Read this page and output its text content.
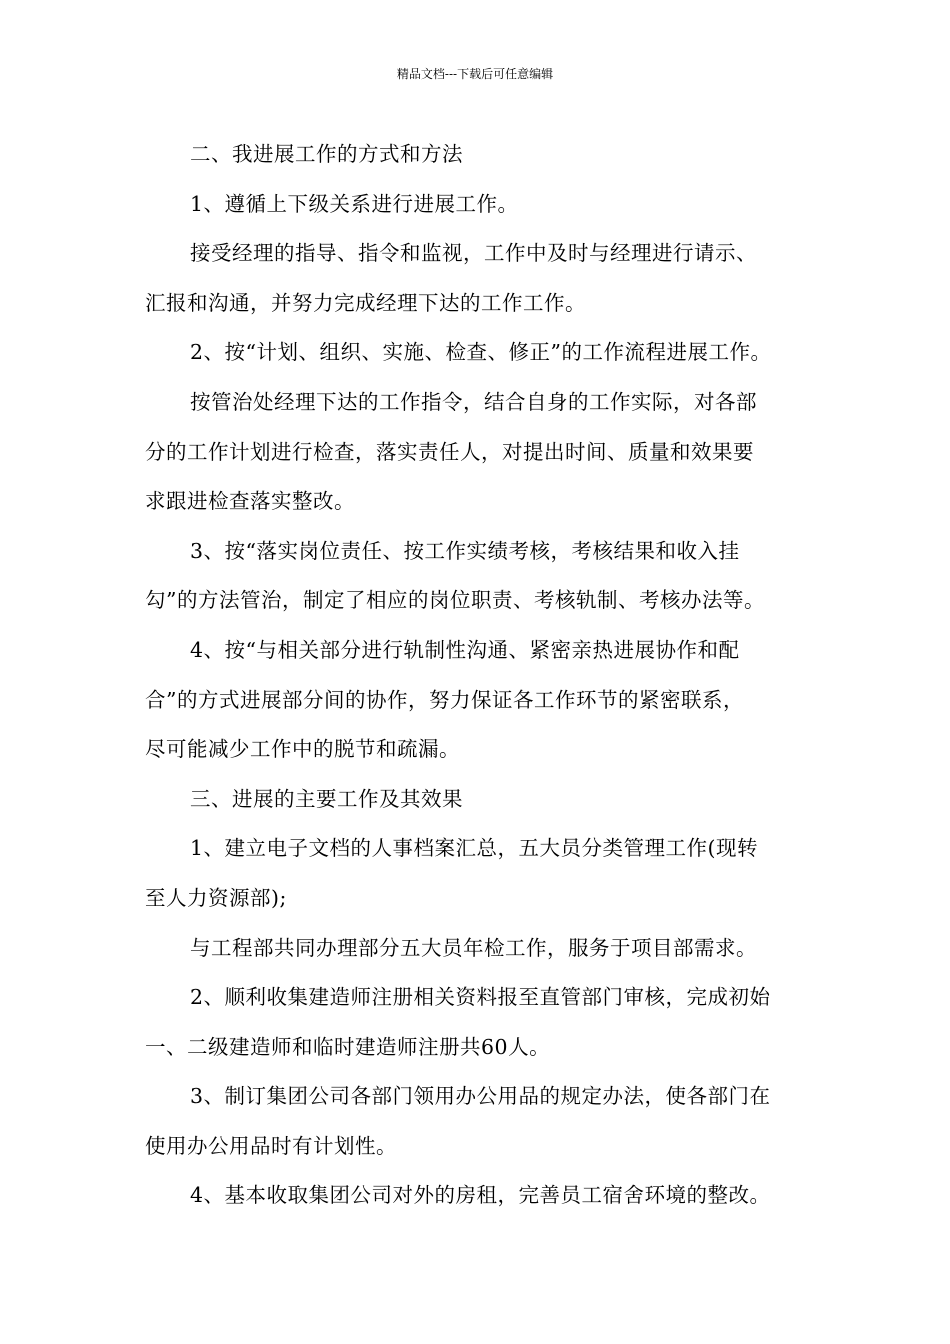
精品文档---下载后可任意编辑
二、我进展工作的方式和方法
1、遵循上下级关系进行进展工作。
接受经理的指导、指令和监视，工作中及时与经理进行请示、
汇报和沟通，并努力完成经理下达的工作工作。
2、按“计划、组织、实施、检查、修正”的工作流程进展工作。
按管治处经理下达的工作指令，结合自身的工作实际，对各部
分的工作计划进行检查，落实责任人，对提出时间、质量和效果要
求跟进检查落实整改。
3、按“落实岗位责任、按工作实绩考核，考核结果和收入挂
勾”的方法管治，制定了相应的岗位职责、考核轨制、考核办法等。
4、按“与相关部分进行轨制性沟通、紧密亲热进展协作和配
合”的方式进展部分间的协作，努力保证各工作环节的紧密联系，
尽可能减少工作中的脱节和疏漏。
三、进展的主要工作及其效果
1、建立电子文档的人事档案汇总，五大员分类管理工作(现转
至人力资源部);
与工程部共同办理部分五大员年检工作，服务于项目部需求。
2、顺利收集建造师注册相关资料报至直管部门审核，完成初始
一、二级建造师和临时建造师注册共60人。
3、制订集团公司各部门领用办公用品的规定办法，使各部门在
使用办公用品时有计划性。
4、基本收取集团公司对外的房租，完善员工宿舍环境的整改。
